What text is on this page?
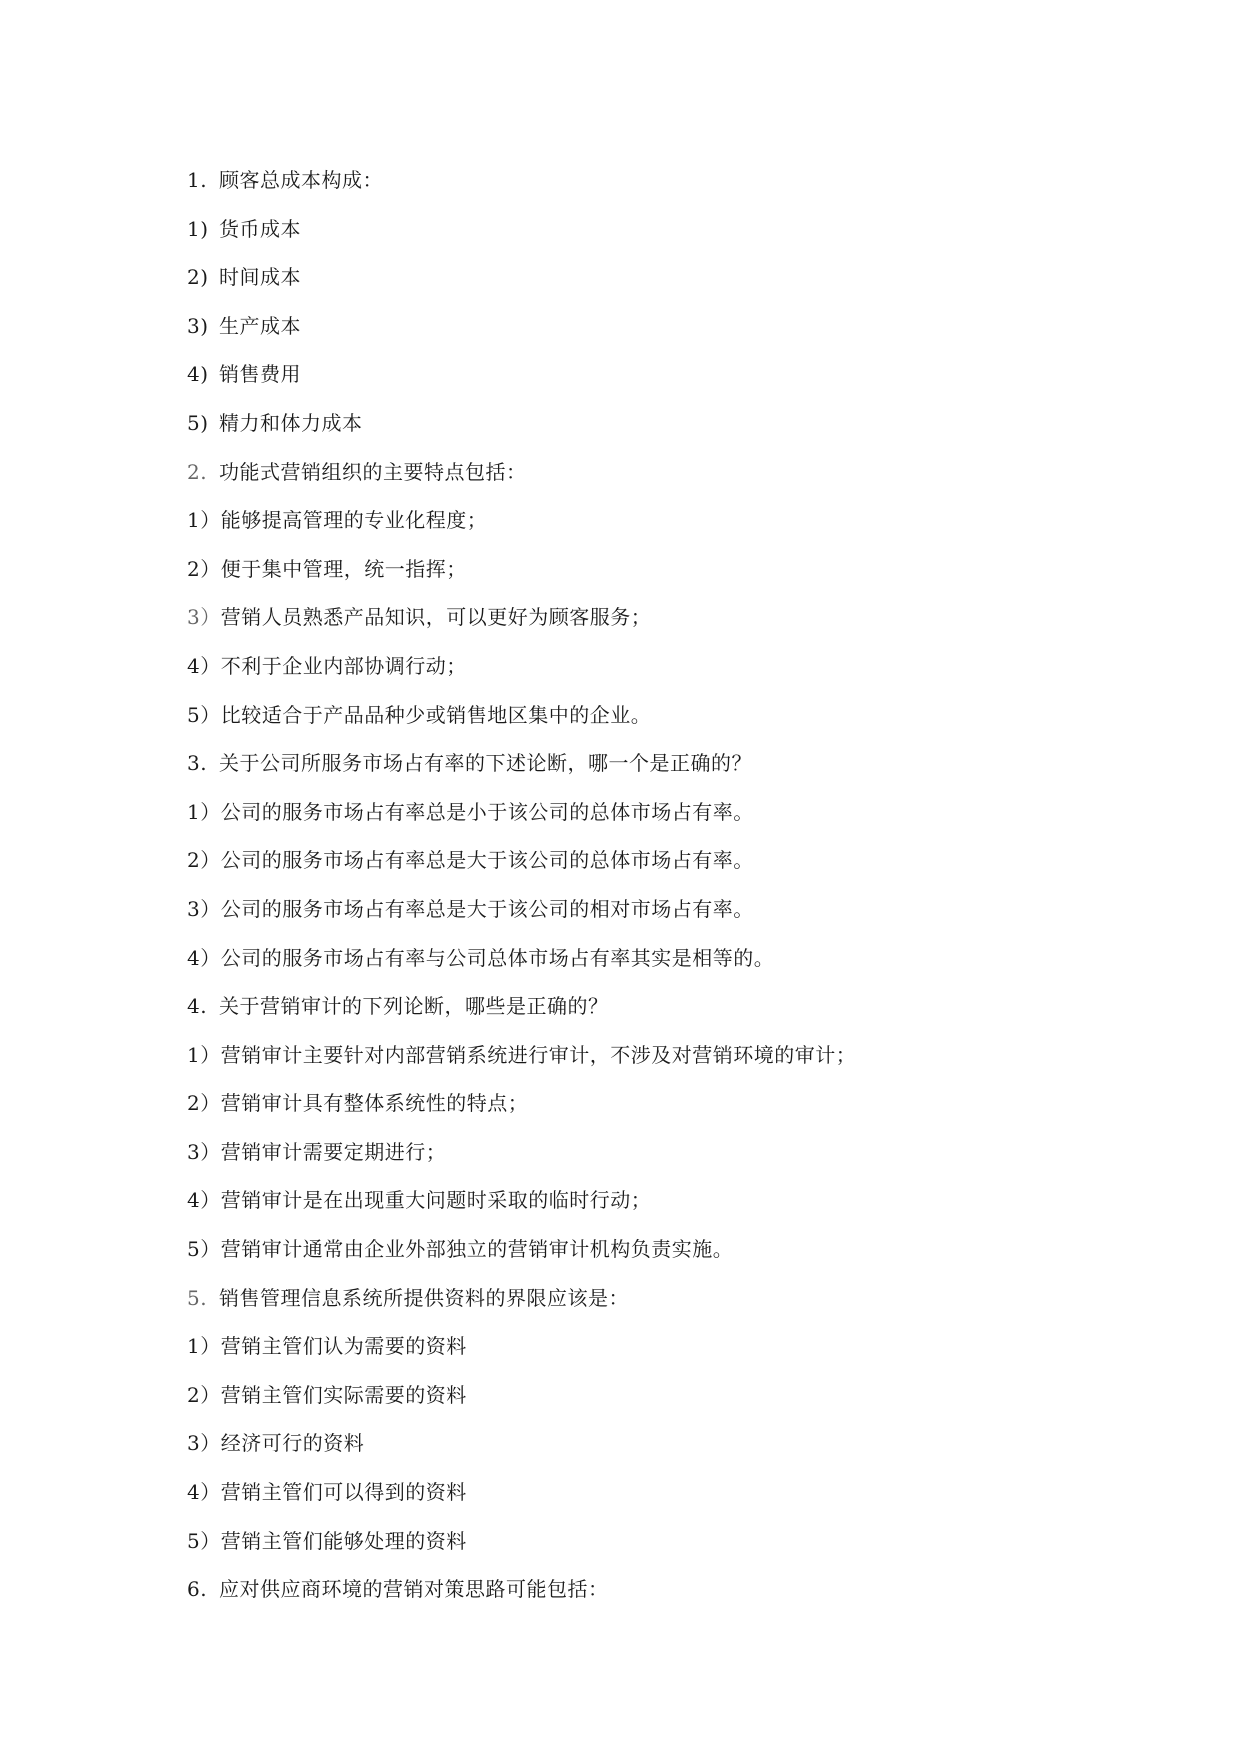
1. 顾客总成本构成：
1) 货币成本
2) 时间成本
3) 生产成本
4) 销售费用
5) 精力和体力成本
2. 功能式营销组织的主要特点包括：
1）能够提高管理的专业化程度；
2）便于集中管理，统一指挥；
3）营销人员熟悉产品知识，可以更好为顾客服务；
4）不利于企业内部协调行动；
5）比较适合于产品品种少或销售地区集中的企业。
3. 关于公司所服务市场占有率的下述论断，哪一个是正确的？
1）公司的服务市场占有率总是小于该公司的总体市场占有率。
2）公司的服务市场占有率总是大于该公司的总体市场占有率。
3）公司的服务市场占有率总是大于该公司的相对市场占有率。
4）公司的服务市场占有率与公司总体市场占有率其实是相等的。
4. 关于营销审计的下列论断，哪些是正确的？
1）营销审计主要针对内部营销系统进行审计，不涉及对营销环境的审计；
2）营销审计具有整体系统性的特点；
3）营销审计需要定期进行；
4）营销审计是在出现重大问题时采取的临时行动；
5）营销审计通常由企业外部独立的营销审计机构负责实施。
5. 销售管理信息系统所提供资料的界限应该是：
1）营销主管们认为需要的资料
2）营销主管们实际需要的资料
3）经济可行的资料
4）营销主管们可以得到的资料
5）营销主管们能够处理的资料
6. 应对供应商环境的营销对策思路可能包括：
